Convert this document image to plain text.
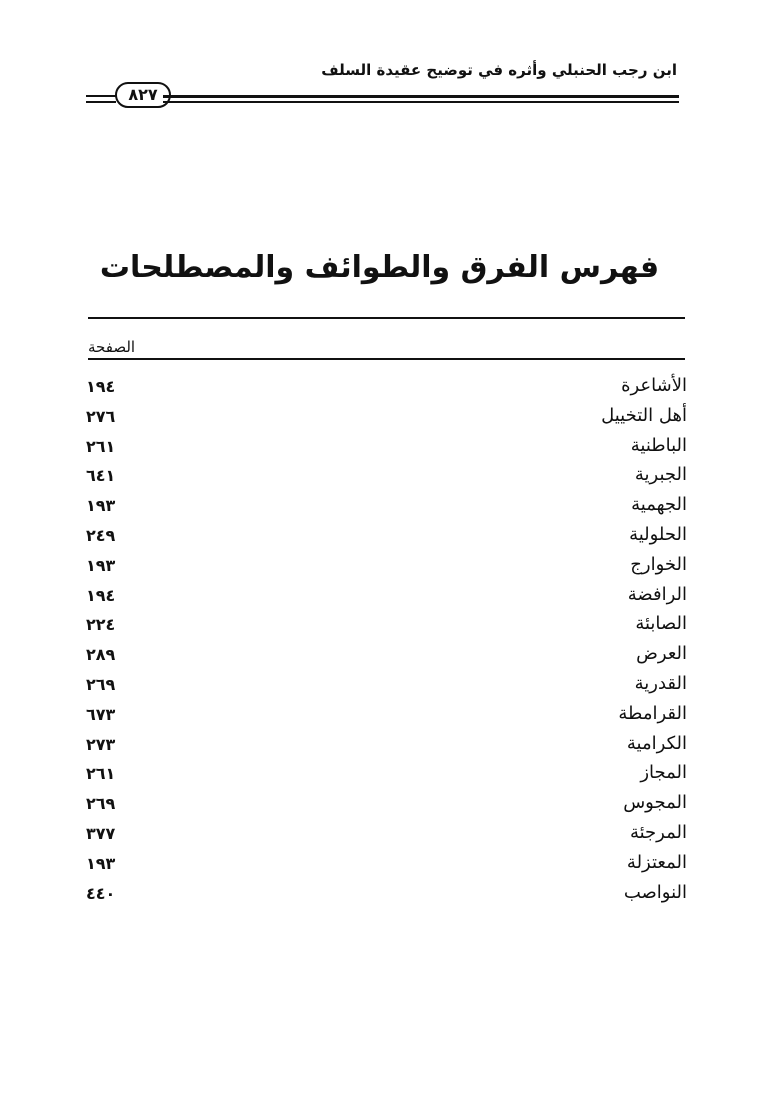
ابن رجب الحنبلي وأثره في توضيح عقيدة السلف
٨٢٧
فهرس الفرق والطوائف والمصطلحات
الصفحة
الأشاعرة
١٩٤
أهل التخييل
٢٧٦
الباطنية
٢٦١
الجبرية
٦٤١
الجهمية
١٩٣
الحلولية
٢٤٩
الخوارج
١٩٣
الرافضة
١٩٤
الصابئة
٢٢٤
العرض
٢٨٩
القدرية
٢٦٩
القرامطة
٦٧٣
الكرامية
٢٧٣
المجاز
٢٦١
المجوس
٢٦٩
المرجئة
٣٧٧
المعتزلة
١٩٣
النواصب
٤٤٠
